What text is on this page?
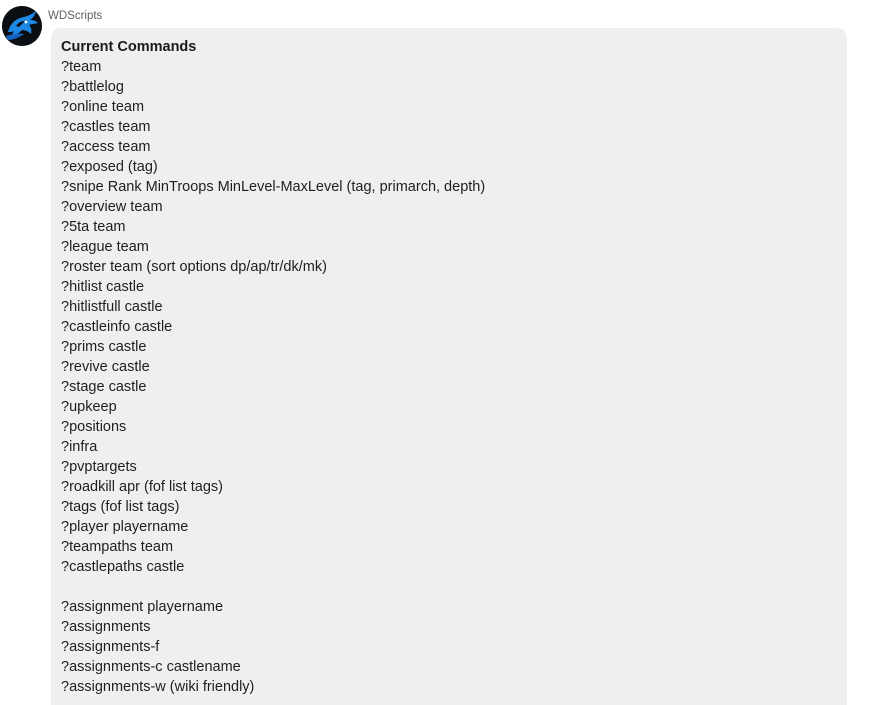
WDScripts
Current Commands
?team
?battlelog
?online team
?castles team
?access team
?exposed (tag)
?snipe Rank MinTroops MinLevel-MaxLevel (tag, primarch, depth)
?overview team
?5ta team
?league team
?roster team (sort options dp/ap/tr/dk/mk)
?hitlist castle
?hitlistfull castle
?castleinfo castle
?prims castle
?revive castle
?stage castle
?upkeep
?positions
?infra
?pvptargets
?roadkill apr (fof list tags)
?tags (fof list tags)
?player playername
?teampaths team
?castlepaths castle
?assignment playername
?assignments
?assignments-f
?assignments-c castlename
?assignments-w (wiki friendly)
